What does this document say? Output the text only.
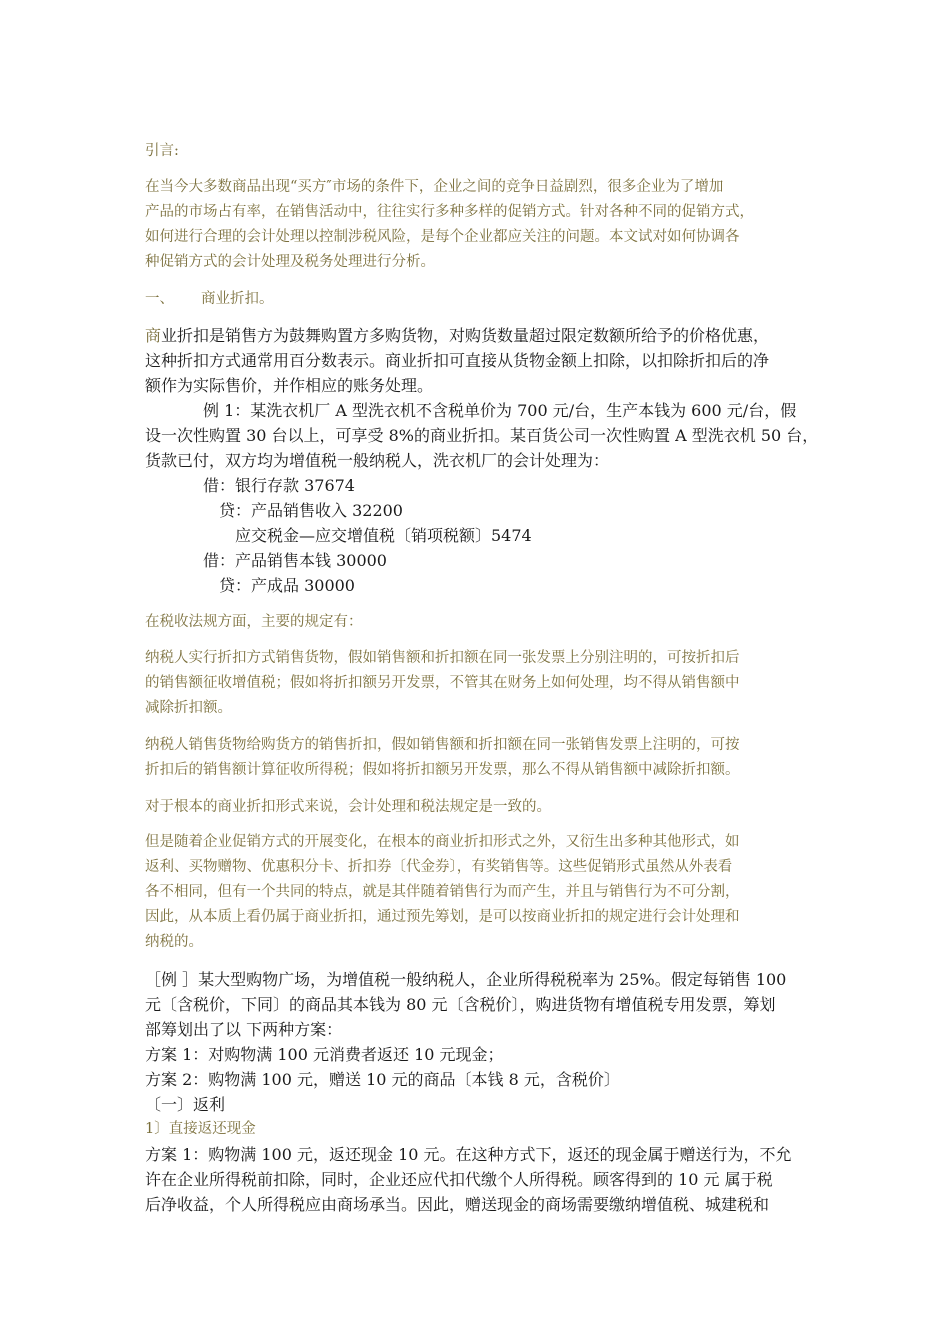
引言:
在当今大多数商品出现“买方″市场的条件下，企业之间的竞争日益剧烈，很多企业为了增加
产品的市场占有率，在销售活动中，往往实行多种多样的促销方式。针对各种不同的促销方式，
如何进行合理的会计处理以控制涉税风险，是每个企业都应关注的问题。本文试对如何协调各
种促销方式的会计处理及税务处理进行分析。
一、 商业折扣。
商业折扣是销售方为鼓舞购置方多购货物，对购货数量超过限定数额所给予的价格优惠，
这种折扣方式通常用百分数表示。商业折扣可直接从货物金额上扣除，以扣除折扣后的净
额作为实际售价，并作相应的账务处理。
例 1：某洗衣机厂 A 型洗衣机不含税单价为 700 元/台，生产本钱为 600 元/台，假
设一次性购置 30 台以上，可享受 8%的商业折扣。某百货公司一次性购置 A 型洗衣机 50 台，
货款已付，双方均为增值税一般纳税人，洗衣机厂的会计处理为：
借：银行存款 37674
贷：产品销售收入 32200
应交税金—应交增值税〔销项税额〕5474
借：产品销售本钱 30000
贷：产成品 30000
在税收法规方面，主要的规定有：
纳税人实行折扣方式销售货物，假如销售额和折扣额在同一张发票上分别注明的，可按折扣后
的销售额征收增值税；假如将折扣额另开发票，不管其在财务上如何处理，均不得从销售额中
减除折扣额。
纳税人销售货物给购货方的销售折扣，假如销售额和折扣额在同一张销售发票上注明的，可按
折扣后的销售额计算征收所得税；假如将折扣额另开发票，那么不得从销售额中减除折扣额。
对于根本的商业折扣形式来说，会计处理和税法规定是一致的。
但是随着企业促销方式的开展变化，在根本的商业折扣形式之外，又衍生出多种其他形式，如
返利、买物赠物、优惠积分卡、折扣券〔代金券〕，有奖销售等。这些促销形式虽然从外表看
各不相同，但有一个共同的特点，就是其伴随着销售行为而产生，并且与销售行为不可分割，
因此，从本质上看仍属于商业折扣，通过预先筹划，是可以按商业折扣的规定进行会计处理和
纳税的。
［例 ］某大型购物广场，为增值税一般纳税人，企业所得税税率为 25%。假定每销售 100
元〔含税价，下同〕的商品其本钱为 80 元〔含税价〕，购进货物有增值税专用发票，筹划
部筹划出了以 下两种方案：
方案 1：对购物满 100 元消费者返还 10 元现金；
方案 2：购物满 100 元，赠送 10 元的商品〔本钱 8 元，含税价〕
〔一〕返利
1〕直接返还现金
方案 1：购物满 100 元，返还现金 10 元。在这种方式下，返还的现金属于赠送行为，不允
许在企业所得税前扣除，同时，企业还应代扣代缴个人所得税。顾客得到的 10 元 属于税
后净收益，个人所得税应由商场承当。因此，赠送现金的商场需要缴纳增值税、城建税和
